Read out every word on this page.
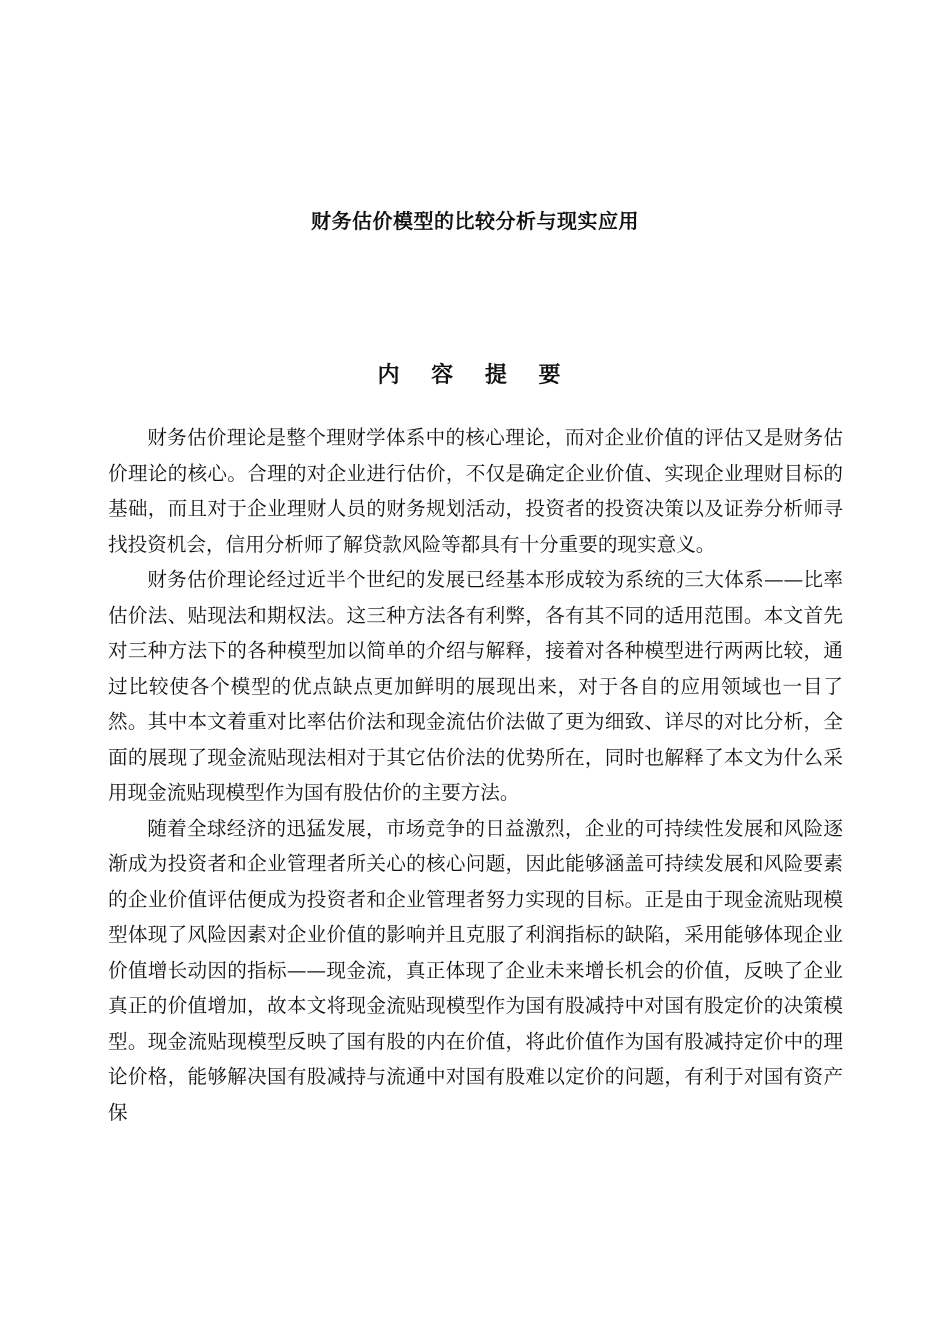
财务估价模型的比较分析与现实应用
内 容 提 要

财务估价理论是整个理财学体系中的核心理论，而对企业价值的评估又是财务估价理论的核心。合理的对企业进行估价，不仅是确定企业价值、实现企业理财目标的基础，而且对于企业理财人员的财务规划活动，投资者的投资决策以及证券分析师寻找投资机会，信用分析师了解贷款风险等都具有十分重要的现实意义。

财务估价理论经过近半个世纪的发展已经基本形成较为系统的三大体系——比率估价法、贴现法和期权法。这三种方法各有利弊，各有其不同的适用范围。本文首先对三种方法下的各种模型加以简单的介绍与解释，接着对各种模型进行两两比较，通过比较使各个模型的优点缺点更加鲜明的展现出来，对于各自的应用领域也一目了然。其中本文着重对比率估价法和现金流估价法做了更为细致、详尽的对比分析，全面的展现了现金流贴现法相对于其它估价法的优势所在，同时也解释了本文为什么采用现金流贴现模型作为国有股估价的主要方法。

随着全球经济的迅猛发展，市场竞争的日益激烈，企业的可持续性发展和风险逐渐成为投资者和企业管理者所关心的核心问题，因此能够涵盖可持续发展和风险要素的企业价值评估便成为投资者和企业管理者努力实现的目标。正是由于现金流贴现模型体现了风险因素对企业价值的影响并且克服了利润指标的缺陷，采用能够体现企业价值增长动因的指标——现金流，真正体现了企业未来增长机会的价值，反映了企业真正的价值增加，故本文将现金流贴现模型作为国有股减持中对国有股定价的决策模型。现金流贴现模型反映了国有股的内在价值，将此价值作为国有股减持定价中的理论价格，能够解决国有股减持与流通中对国有股难以定价的问题，有利于对国有资产保
